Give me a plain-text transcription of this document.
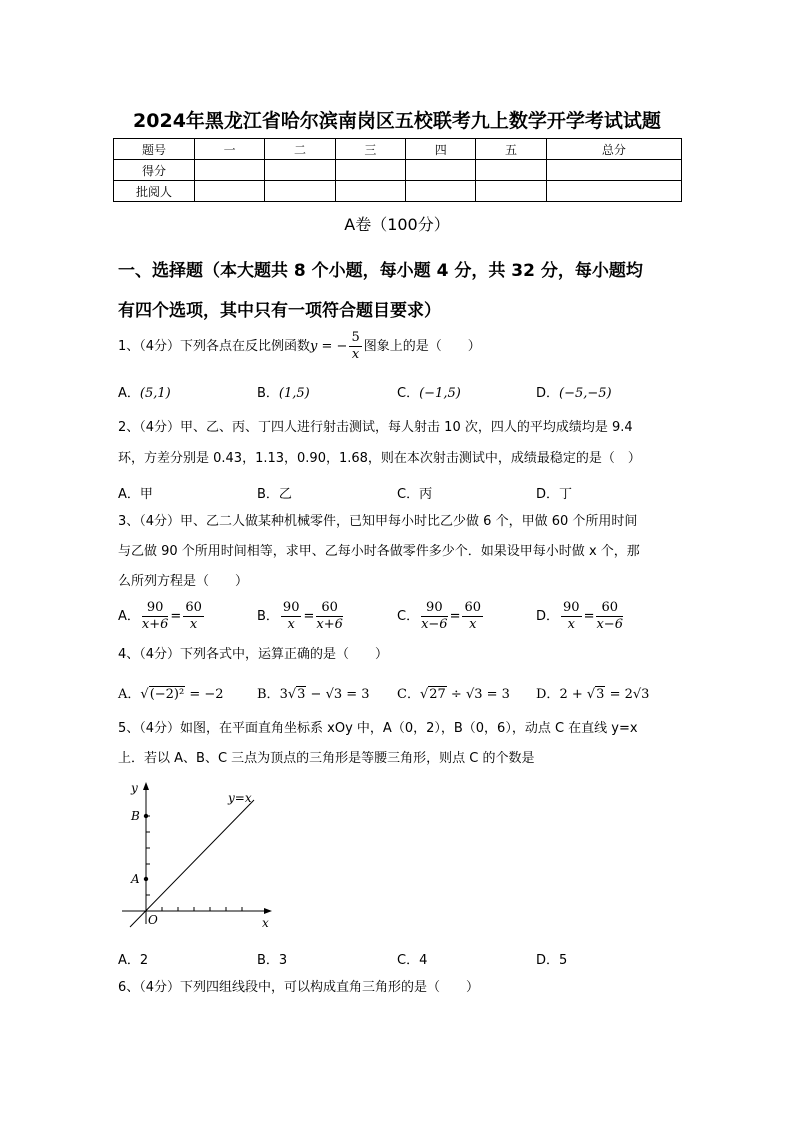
2024年黑龙江省哈尔滨南岗区五校联考九上数学开学考试试题
题号	一	二	三	四	五	总分
得分						
批阅人						
A卷（100分）
一、选择题（本大题共 8 个小题，每小题 4 分，共 32 分，每小题均
有四个选项，其中只有一项符合题目要求）
1、（4分）下列各点在反比例函数y = − $\frac{5}{x}$ 图象上的是（　　）
A．(5,1)	B．(1,5)	C．(−1,5)	D．(−5,−5)
2、（4分）甲、乙、丙、丁四人进行射击测试，每人射击 10 次，四人的平均成绩均是 9.4
环，方差分别是 0.43，1.13，0.90，1.68，则在本次射击测试中，成绩最稳定的是（　）
A．甲	B．乙	C．丙	D．丁
3、（4分）甲、乙二人做某种机械零件，已知甲每小时比乙少做 6 个，甲做 60 个所用时间
与乙做 90 个所用时间相等，求甲、乙每小时各做零件多少个．如果设甲每小时做 x 个，那
么所列方程是（　　）
A． $\frac{90}{x+6} = \frac{60}{x}$	B． $\frac{90}{x} = \frac{60}{x+6}$	C． $\frac{90}{x-6} = \frac{60}{x}$	D． $\frac{90}{x} = \frac{60}{x-6}$
4、（4分）下列各式中，运算正确的是（　　）
A．√(−2)² = −2	B．3√3 − √3 = 3 C．√27 ÷ √3 = 3 D．2 + √3 = 2√3
5、（4分）如图，在平面直角坐标系 xOy 中，A（0，2），B（0，6），动点 C 在直线 y=x
上．若以 A、B、C 三点为顶点的三角形是等腰三角形，则点 C 的个数是
y
x
y=x
B
A
O
A．2	B．3	C．4	D．5
6、（4分）下列四组线段中，可以构成直角三角形的是（　　）
